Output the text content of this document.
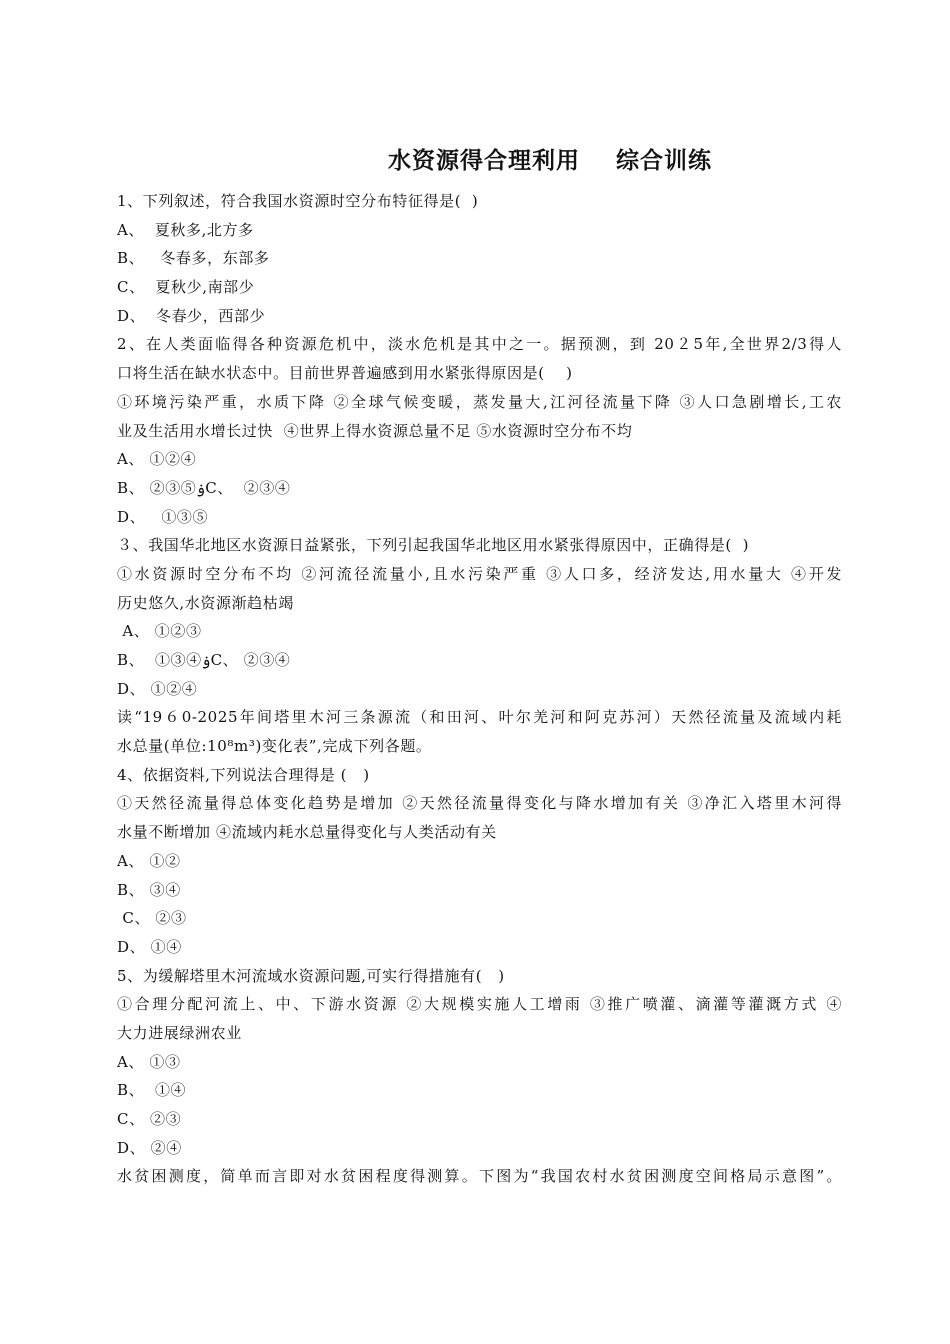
水资源得合理利用    综合训练
1、下列叙述，符合我国水资源时空分布特征得是(  )
A、  夏秋多,北方多
B、   冬春多，东部多
C、  夏秋少,南部少
D、  冬春少，西部少
2、在人类面临得各种资源危机中，淡水危机是其中之一。据预测，到 20２5年,全世界2/3得人
口将生活在缺水状态中。目前世界普遍感到用水紧张得原因是(    )
①环境污染严重，水质下降 ②全球气候变暖，蒸发量大,江河径流量下降 ③人口急剧增长,工农
业及生活用水增长过快  ④世界上得水资源总量不足 ⑤水资源时空分布不均
A、 ①②④
B、 ②③⑤ۏC、  ②③④
D、   ①③⑤
３、我国华北地区水资源日益紧张，下列引起我国华北地区用水紧张得原因中，正确得是(  )
①水资源时空分布不均 ②河流径流量小,且水污染严重 ③人口多，经济发达,用水量大 ④开发
历史悠久,水资源渐趋枯竭
A、 ①②③
B、  ①③④ۏC、 ②③④
D、 ①②④
读“19６0-2025年间塔里木河三条源流（和田河、叶尔羌河和阿克苏河）天然径流量及流域内耗
水总量(单位:10⁸m³)变化表”,完成下列各题。
4、依据资料,下列说法合理得是 (   )
①天然径流量得总体变化趋势是增加 ②天然径流量得变化与降水增加有关 ③净汇入塔里木河得
水量不断增加 ④流域内耗水总量得变化与人类活动有关
A、 ①②
B、 ③④
C、 ②③
D、 ①④
5、为缓解塔里木河流域水资源问题,可实行得措施有(   )
①合理分配河流上、中、下游水资源 ②大规模实施人工增雨 ③推广喷灌、滴灌等灌溉方式 ④
大力进展绿洲农业
A、 ①③
B、  ①④
C、 ②③
D、 ②④
水贫困测度，简单而言即对水贫困程度得测算。下图为“我国农村水贫困测度空间格局示意图”。
